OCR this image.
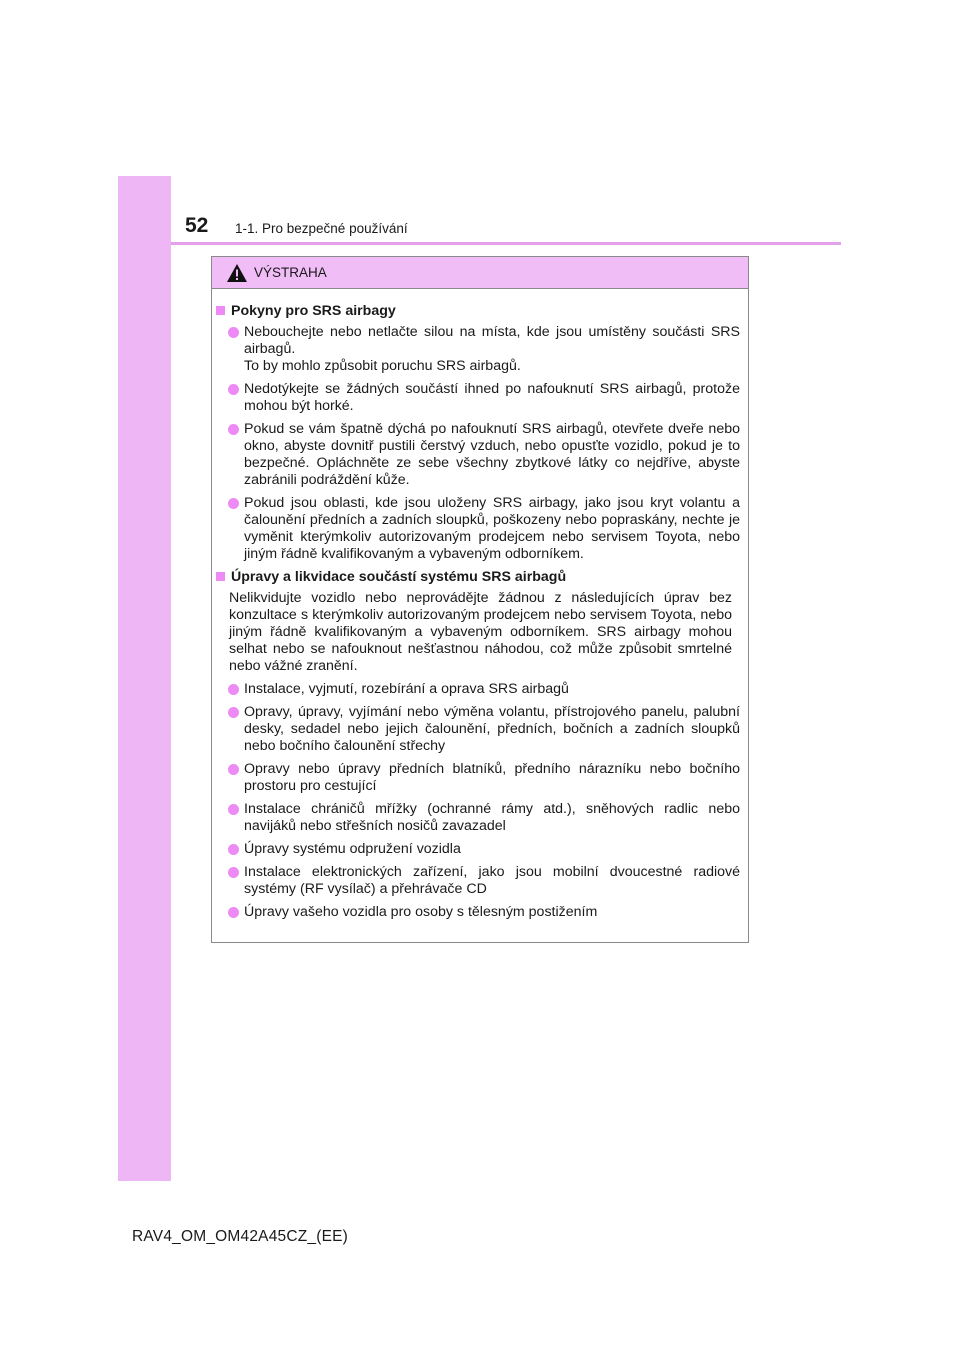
52 1-1. Pro bezpečné používání
VÝSTRAHA
Pokyny pro SRS airbagy
Nebouchejte nebo netlačte silou na místa, kde jsou umístěny součásti SRS airbagů.
To by mohlo způsobit poruchu SRS airbagů.
Nedotýkejte se žádných součástí ihned po nafouknutí SRS airbagů, protože mohou být horké.
Pokud se vám špatně dýchá po nafouknutí SRS airbagů, otevřete dveře nebo okno, abyste dovnitř pustili čerstvý vzduch, nebo opusťte vozidlo, pokud je to bezpečné. Opláchněte ze sebe všechny zbytkové látky co nejdříve, abyste zabránili podráždění kůže.
Pokud jsou oblasti, kde jsou uloženy SRS airbagy, jako jsou kryt volantu a čalounění předních a zadních sloupků, poškozeny nebo popraskány, nechte je vyměnit kterýmkoliv autorizovaným prodejcem nebo servisem Toyota, nebo jiným řádně kvalifikovaným a vybaveným odborníkem.
Úpravy a likvidace součástí systému SRS airbagů
Nelikvidujte vozidlo nebo neprovádějte žádnou z následujících úprav bez konzultace s kterýmkoliv autorizovaným prodejcem nebo servisem Toyota, nebo jiným řádně kvalifikovaným a vybaveným odborníkem. SRS airbagy mohou selhat nebo se nafouknout nešťastnou náhodou, což může způsobit smrtelné nebo vážné zranění.
Instalace, vyjmutí, rozebírání a oprava SRS airbagů
Opravy, úpravy, vyjímání nebo výměna volantu, přístrojového panelu, palubní desky, sedadel nebo jejich čalounění, předních, bočních a zadních sloupků nebo bočního čalounění střechy
Opravy nebo úpravy předních blatníků, předního nárazníku nebo bočního prostoru pro cestující
Instalace chráničů mřížky (ochranné rámy atd.), sněhových radlic nebo navijáků nebo střešních nosičů zavazadel
Úpravy systému odpružení vozidla
Instalace elektronických zařízení, jako jsou mobilní dvoucestné radiové systémy (RF vysílač) a přehrávače CD
Úpravy vašeho vozidla pro osoby s tělesným postižením
RAV4_OM_OM42A45CZ_(EE)
